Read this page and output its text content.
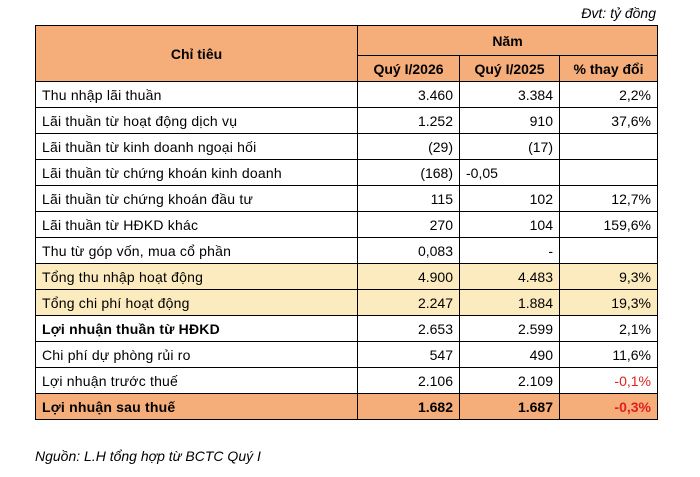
Đvt: tỷ đồng
Chỉ tiêu	Năm		
	Quý I/2026	Quý I/2025	% thay đổi
Thu nhập lãi thuần	3.460	3.384	2,2%
Lãi thuần từ hoạt động dịch vụ	1.252	910	37,6%
Lãi thuần từ kinh doanh ngoại hối	(29)	(17)	
Lãi thuần từ chứng khoán kinh doanh	(168)	-0,05	
Lãi thuần từ chứng khoán đầu tư	115	102	12,7%
Lãi thuần từ HĐKD khác	270	104	159,6%
Thu từ góp vốn, mua cổ phần	0,083	-	
Tổng thu nhập hoạt động	4.900	4.483	9,3%
Tổng chi phí hoạt động	2.247	1.884	19,3%
Lợi nhuận thuần từ HĐKD	2.653	2.599	2,1%
Chi phí dự phòng rủi ro	547	490	11,6%
Lợi nhuận trước thuế	2.106	2.109	-0,1%
Lợi nhuận sau thuế	1.682	1.687	-0,3%
Nguồn: L.H tổng hợp từ BCTC Quý I
